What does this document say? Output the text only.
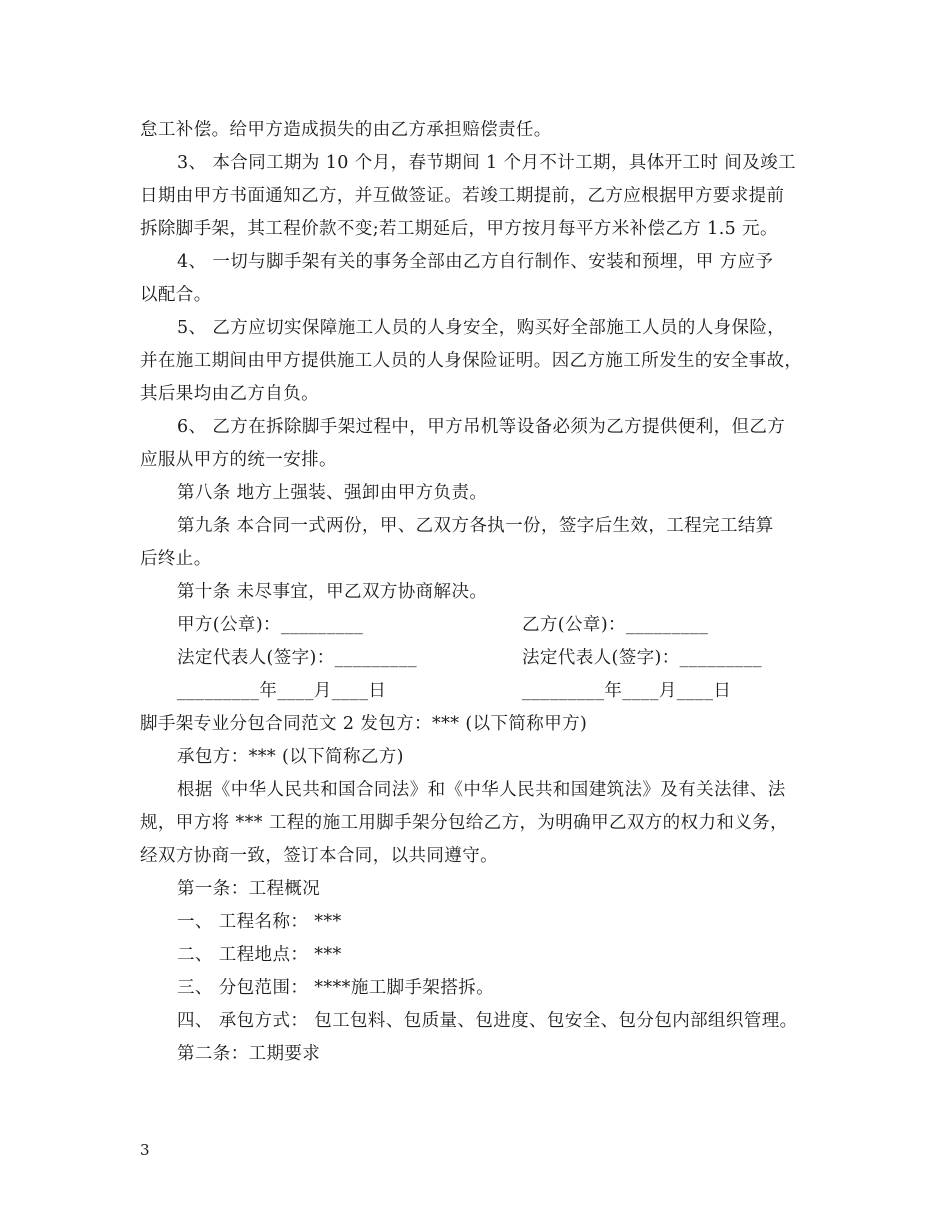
怠工补偿。给甲方造成损失的由乙方承担赔偿责任。
3、 本合同工期为 10 个月，春节期间 1 个月不计工期，具体开工时 间及竣工
日期由甲方书面通知乙方，并互做签证。若竣工期提前，乙方应根据甲方要求提前
拆除脚手架，其工程价款不变;若工期延后，甲方按月每平方米补偿乙方 1.5 元。
4、 一切与脚手架有关的事务全部由乙方自行制作、安装和预埋，甲 方应予
以配合。
5、 乙方应切实保障施工人员的人身安全，购买好全部施工人员的人身保险，
并在施工期间由甲方提供施工人员的人身保险证明。因乙方施工所发生的安全事故，
其后果均由乙方自负。
6、 乙方在拆除脚手架过程中，甲方吊机等设备必须为乙方提供便利，但乙方
应服从甲方的统一安排。
第八条 地方上强装、强卸由甲方负责。
第九条 本合同一式两份，甲、乙双方各执一份，签字后生效，工程完工结算
后终止。
第十条 未尽事宜，甲乙双方协商解决。
甲方(公章)：_________	乙方(公章)：_________
法定代表人(签字)：_________	法定代表人(签字)：_________
_________年____月____日	_________年____月____日
脚手架专业分包合同范文 2 发包方：*** (以下简称甲方)
承包方：*** (以下简称乙方)
根据《中华人民共和国合同法》和《中华人民共和国建筑法》及有关法律、法
规，甲方将 *** 工程的施工用脚手架分包给乙方，为明确甲乙双方的权力和义务，
经双方协商一致，签订本合同，以共同遵守。
第一条：工程概况
一、 工程名称： ***
二、 工程地点： ***
三、 分包范围： ****施工脚手架搭拆。
四、 承包方式： 包工包料、包质量、包进度、包安全、包分包内部组织管理。
第二条：工期要求
3
